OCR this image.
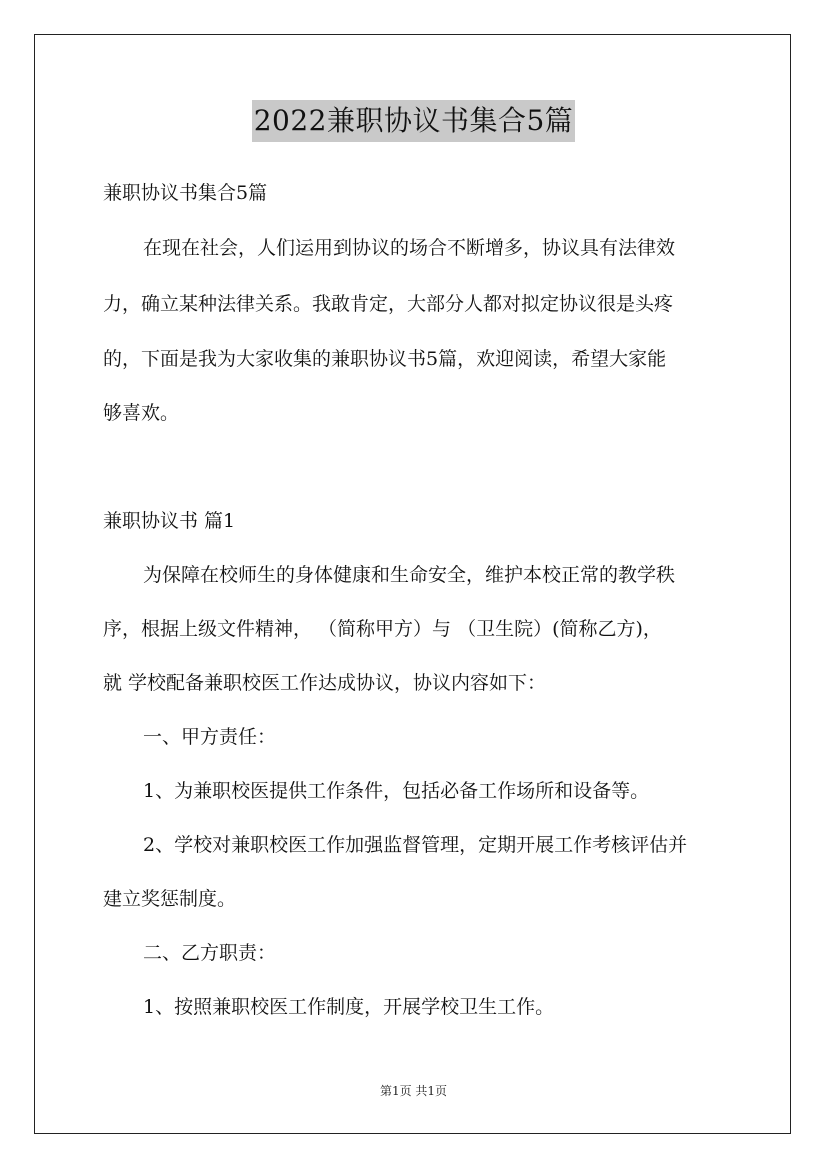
2022兼职协议书集合5篇
兼职协议书集合5篇
在现在社会，人们运用到协议的场合不断增多，协议具有法律效
力，确立某种法律关系。我敢肯定，大部分人都对拟定协议很是头疼
的，下面是我为大家收集的兼职协议书5篇，欢迎阅读，希望大家能
够喜欢。
兼职协议书 篇1
为保障在校师生的身体健康和生命安全，维护本校正常的教学秩
序，根据上级文件精神， （简称甲方）与 （卫生院）(简称乙方)，
就 学校配备兼职校医工作达成协议，协议内容如下：
一、甲方责任：
1、为兼职校医提供工作条件，包括必备工作场所和设备等。
2、学校对兼职校医工作加强监督管理，定期开展工作考核评估并
建立奖惩制度。
二、乙方职责：
1、按照兼职校医工作制度，开展学校卫生工作。
第1页 共1页
